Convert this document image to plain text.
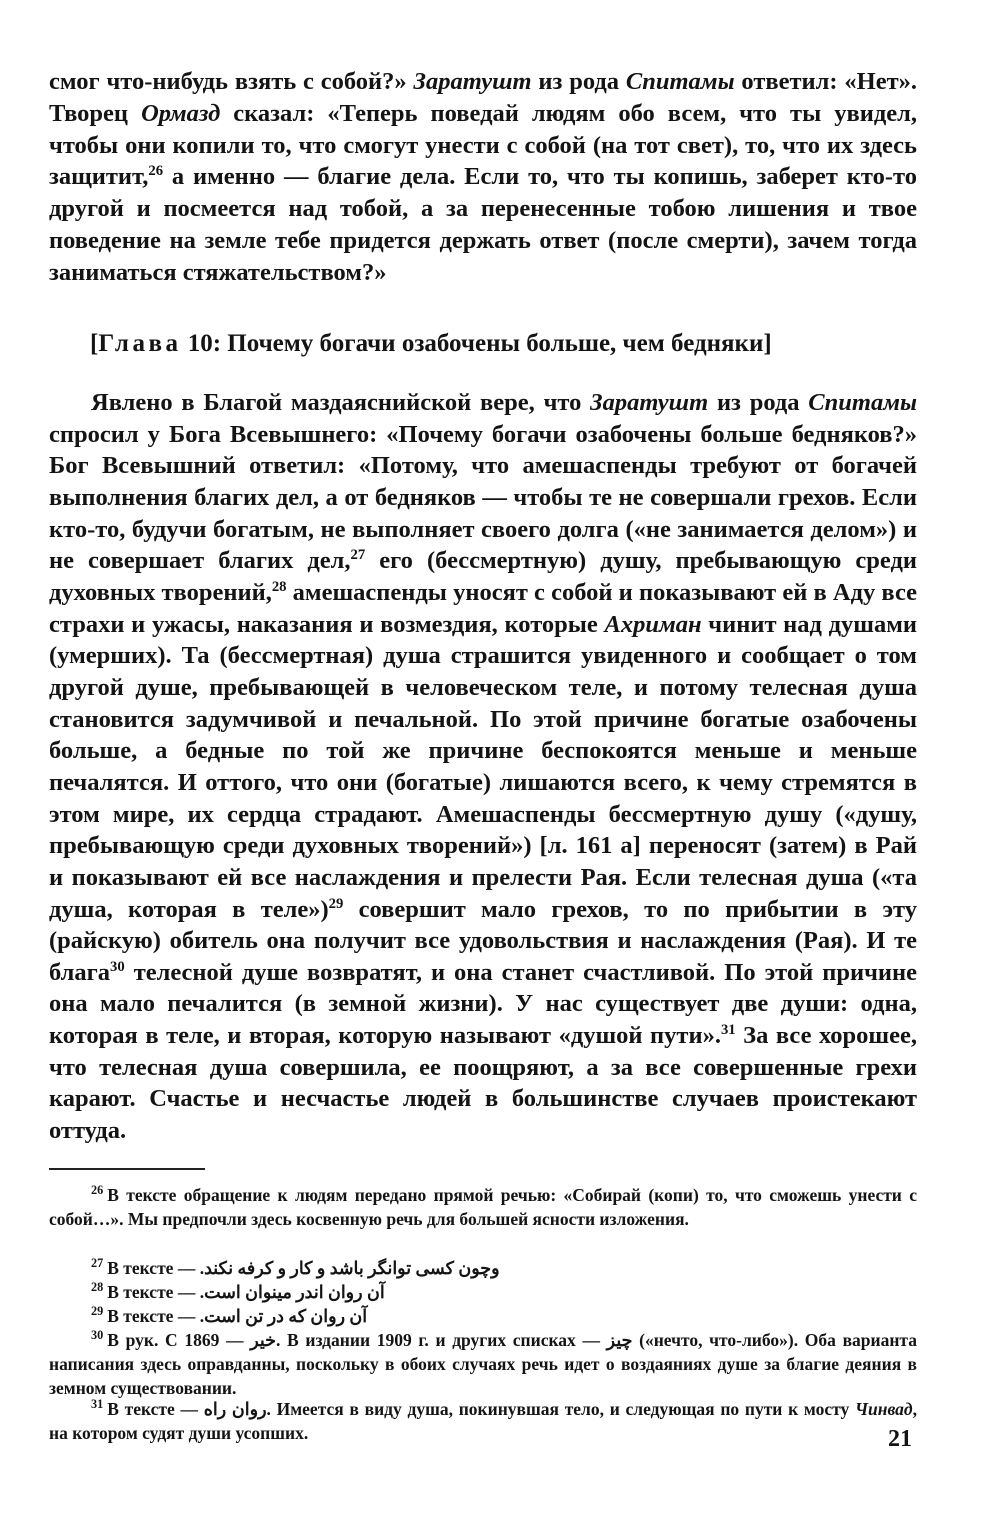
смог что-нибудь взять с собой?» Заратушт из рода Спитамы ответил: «Нет». Творец Ормазд сказал: «Теперь поведай людям обо всем, что ты увидел, чтобы они копили то, что смогут унести с собой (на тот свет), то, что их здесь защитит,$^{26}$ а именно — благие дела. Если то, что ты копишь, заберет кто-то другой и посмеется над тобой, а за перенесенные тобою лишения и твое поведение на земле тебе придется держать ответ (после смерти), зачем тогда заниматься стяжательством?»

[Глава 10: Почему богачи озабочены больше, чем бедняки]

Явлено в Благой маздаяснийской вере, что Заратушт из рода Спитамы спросил у Бога Всевышнего: «Почему богачи озабочены больше бедняков?» Бог Всевышний ответил: «Потому, что амешаспенды требуют от богачей выполнения благих дел, а от бедняков — чтобы те не совершали грехов. Если кто-то, будучи богатым, не выполняет своего долга («не занимается делом») и не совершает благих дел,$^{27}$ его (бессмертную) душу, пребывающую среди духовных творений,$^{28}$ амешаспенды уносят с собой и показывают ей в Аду все страхи и ужасы, наказания и возмездия, которые Ахриман чинит над душами (умерших). Та (бессмертная) душа страшится увиденного и сообщает о том другой душе, пребывающей в человеческом теле, и потому телесная душа становится задумчивой и печальной. По этой причине богатые озабочены больше, а бедные по той же причине беспокоятся меньше и меньше печалятся. И оттого, что они (богатые) лишаются всего, к чему стремятся в этом мире, их сердца страдают. Амешаспенды бессмертную душу («душу, пребывающую среди духовных творений») [л. 161 а] переносят (затем) в Рай и показывают ей все наслаждения и прелести Рая. Если телесная душа («та душа, которая в теле»)$^{29}$ совершит мало грехов, то по прибытии в эту (райскую) обитель она получит все удовольствия и наслаждения (Рая). И те блага$^{30}$ телесной душе возвратят, и она станет счастливой. По этой причине она мало печалится (в земной жизни). У нас существует две души: одна, которая в теле, и вторая, которую называют «душой пути».$^{31}$ За все хорошее, что телесная душа совершила, ее поощряют, а за все совершенные грехи карают. Счастье и несчастье людей в большинстве случаев проистекают оттуда.

$^{26}$ В тексте обращение к людям передано прямой речью: «Собирай (копи) то, что сможешь унести с собой…». Мы предпочли здесь косвенную речь для большей ясности изложения.

$^{27}$ В тексте — وچون کسی توانگر باشد و کار و کرفه نکند.

$^{28}$ В тексте — آن روان اندر مینوان است.

$^{29}$ В тексте — آن روان که در تن است.

$^{30}$ В рук. С 1869 — خیر. В издании 1909 г. и других списках — چیز («нечто, что-либо»). Оба варианта написания здесь оправданны, поскольку в обоих случаях речь идет о воздаяниях душе за благие деяния в земном существовании.

$^{31}$ В тексте — روان راه. Имеется в виду душа, покинувшая тело, и следующая по пути к мосту Чинвад, на котором судят души усопших.	21
